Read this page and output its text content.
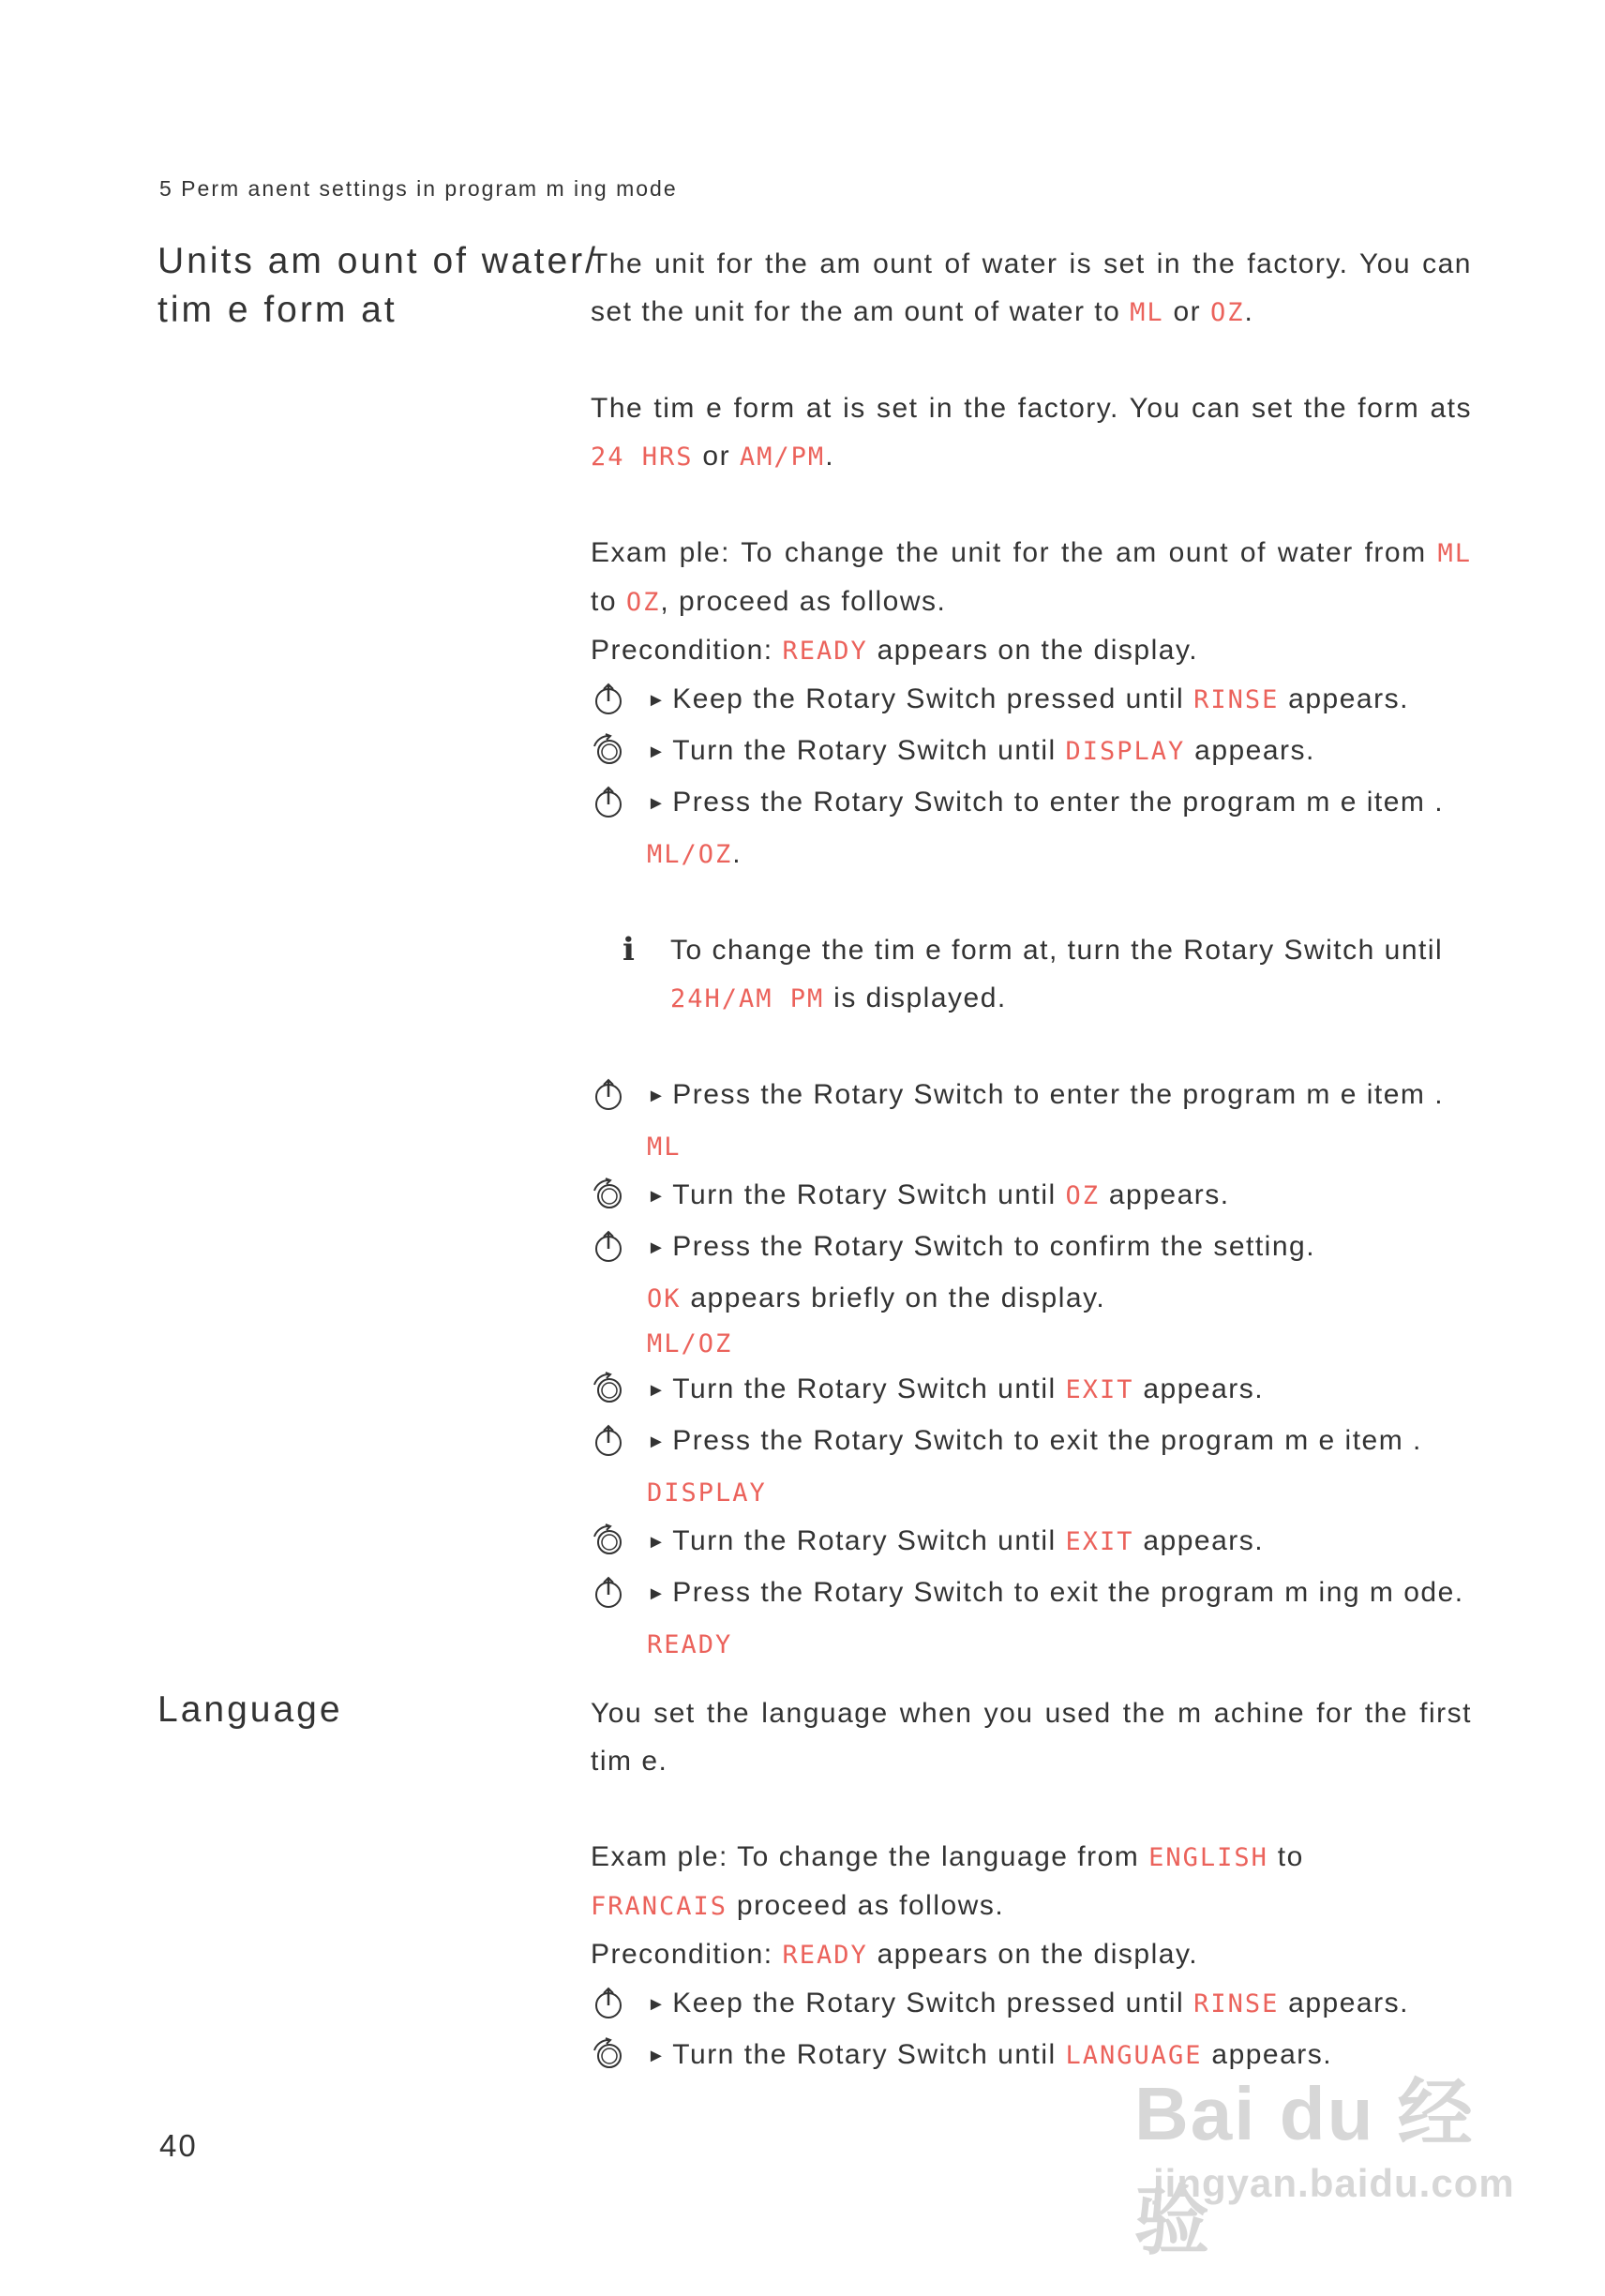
5 Perm anent settings in program m ing mode
Units am ount of water/
tim e form at

The unit for the am ount of water is set in the factory. You can set the unit for the am ount of water to ML or OZ.

The tim e form at is set in the factory. You can set the form ats 24 HRS or AM/PM.

Exam ple: To change the unit for the am ount of water from ML to OZ, proceed as follows.

Precondition: READY appears on the display.

► Keep the Rotary Switch pressed until RINSE appears.

► Turn the Rotary Switch until DISPLAY appears.

► Press the Rotary Switch to enter the program m e item .

ML/OZ.

i To change the tim e form at, turn the Rotary Switch until
24H/AM PM is displayed.

► Press the Rotary Switch to enter the program m e item .

ML

► Turn the Rotary Switch until OZ appears.

► Press the Rotary Switch to confirm the setting.

OK appears briefly on the display.

ML/OZ

► Turn the Rotary Switch until EXIT appears.

► Press the Rotary Switch to exit the program m e item .

DISPLAY

► Turn the Rotary Switch until EXIT appears.

► Press the Rotary Switch to exit the program m ing m ode.

READY

Language	You set the language when you used the m achine for the first tim e.

Exam ple: To change the language from ENGLISH to
FRANCAIS proceed as follows.

Precondition: READY appears on the display.

► Keep the Rotary Switch pressed until RINSE appears.

► Turn the Rotary Switch until LANGUAGE appears.

40	Bai du 经验
jingyan.baidu.com
